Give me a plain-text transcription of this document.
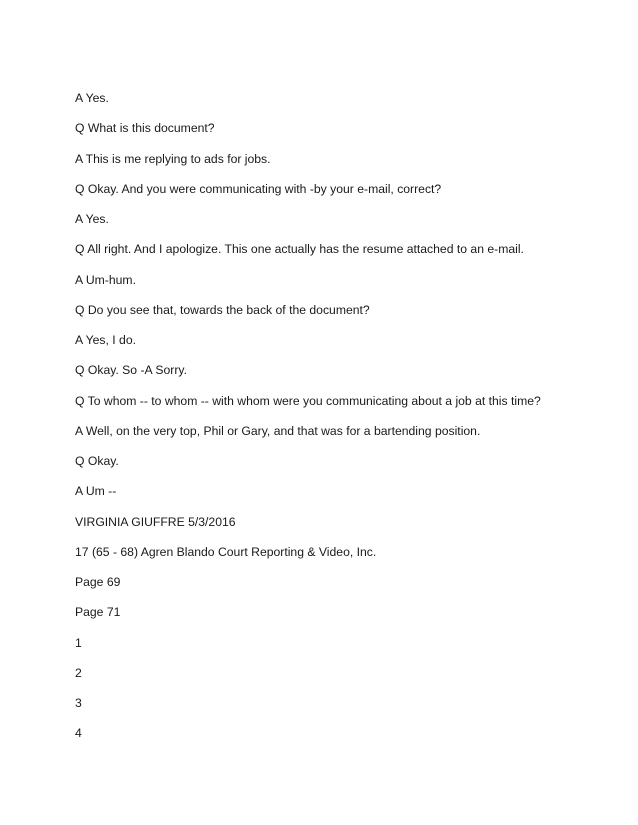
A Yes.
Q What is this document?
A This is me replying to ads for jobs.
Q Okay. And you were communicating with -by your e-mail, correct?
A Yes.
Q All right. And I apologize. This one actually has the resume attached to an e-mail.
A Um-hum.
Q Do you see that, towards the back of the document?
A Yes, I do.
Q Okay. So -A Sorry.
Q To whom -- to whom -- with whom were you communicating about a job at this time?
A Well, on the very top, Phil or Gary, and that was for a bartending position.
Q Okay.
A Um --
VIRGINIA GIUFFRE 5/3/2016
17 (65 - 68) Agren Blando Court Reporting & Video, Inc.
Page 69
Page 71
1
2
3
4
